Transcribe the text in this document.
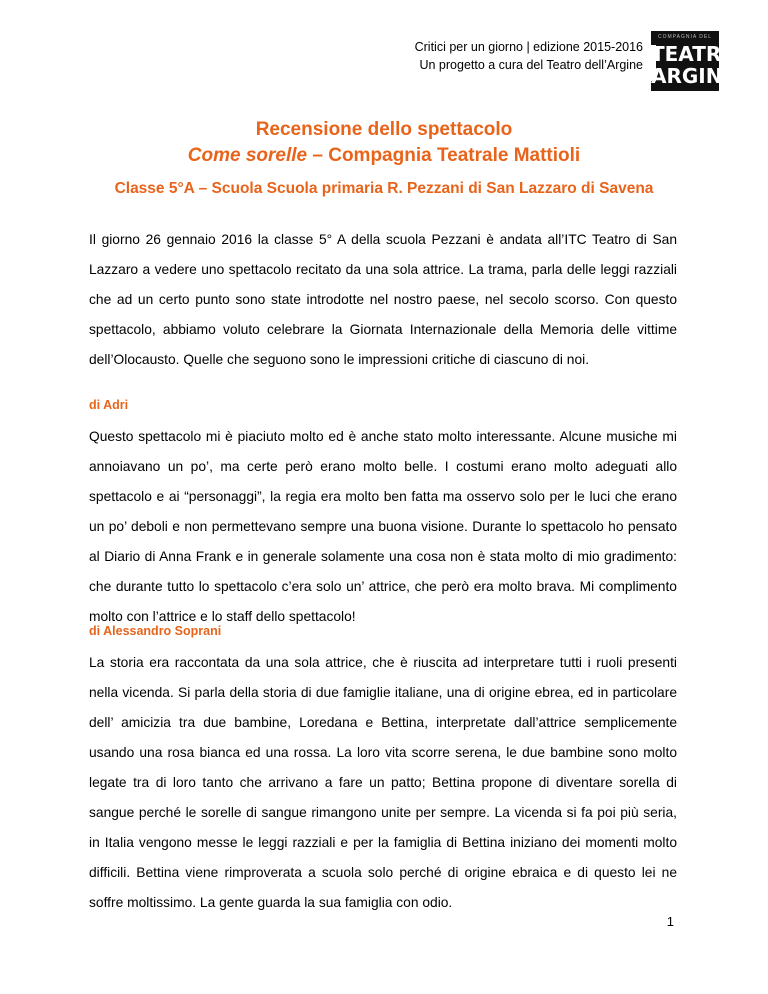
Critici per un giorno | edizione 2015-2016
Un progetto a cura del Teatro dell’Argine
COMPAGNIA DEL
TEATRO
ARGINE
Recensione dello spettacolo
Come sorelle – Compagnia Teatrale Mattioli
Classe 5°A – Scuola Scuola primaria R. Pezzani di San Lazzaro di Savena

Il giorno 26 gennaio 2016 la classe 5° A della scuola Pezzani è andata all’ITC Teatro di San Lazzaro a vedere uno spettacolo recitato da una sola attrice. La trama, parla delle leggi razziali che ad un certo punto sono state introdotte nel nostro paese, nel secolo scorso. Con questo spettacolo, abbiamo voluto celebrare la Giornata Internazionale della Memoria delle vittime dell’Olocausto. Quelle che seguono sono le impressioni critiche di ciascuno di noi.

di Adri

Questo spettacolo mi è piaciuto molto ed è anche stato molto interessante. Alcune musiche mi annoiavano un po’, ma certe però erano molto belle. I costumi erano molto adeguati allo spettacolo e ai “personaggi”, la regia era molto ben fatta ma osservo solo per le luci che erano un po’ deboli e non permettevano sempre una buona visione. Durante lo spettacolo ho pensato al Diario di Anna Frank e in generale solamente una cosa non è stata molto di mio gradimento: che durante tutto lo spettacolo c’era solo un’ attrice, che però era molto brava. Mi complimento molto con l’attrice e lo staff dello spettacolo!

di Alessandro Soprani

La storia era raccontata da una sola attrice, che è riuscita ad interpretare tutti i ruoli presenti nella vicenda. Si parla della storia di due famiglie italiane, una di origine ebrea, ed in particolare dell’ amicizia tra due bambine, Loredana e Bettina, interpretate dall’attrice semplicemente usando una rosa bianca ed una rossa. La loro vita scorre serena, le due bambine sono molto legate tra di loro tanto che arrivano a fare un patto; Bettina propone di diventare sorella di sangue perché le sorelle di sangue rimangono unite per sempre. La vicenda si fa poi più seria, in Italia vengono messe le leggi razziali e per la famiglia di Bettina iniziano dei momenti molto difficili. Bettina viene rimproverata a scuola solo perché di origine ebraica e di questo lei ne soffre moltissimo. La gente guarda la sua famiglia con odio.

1
